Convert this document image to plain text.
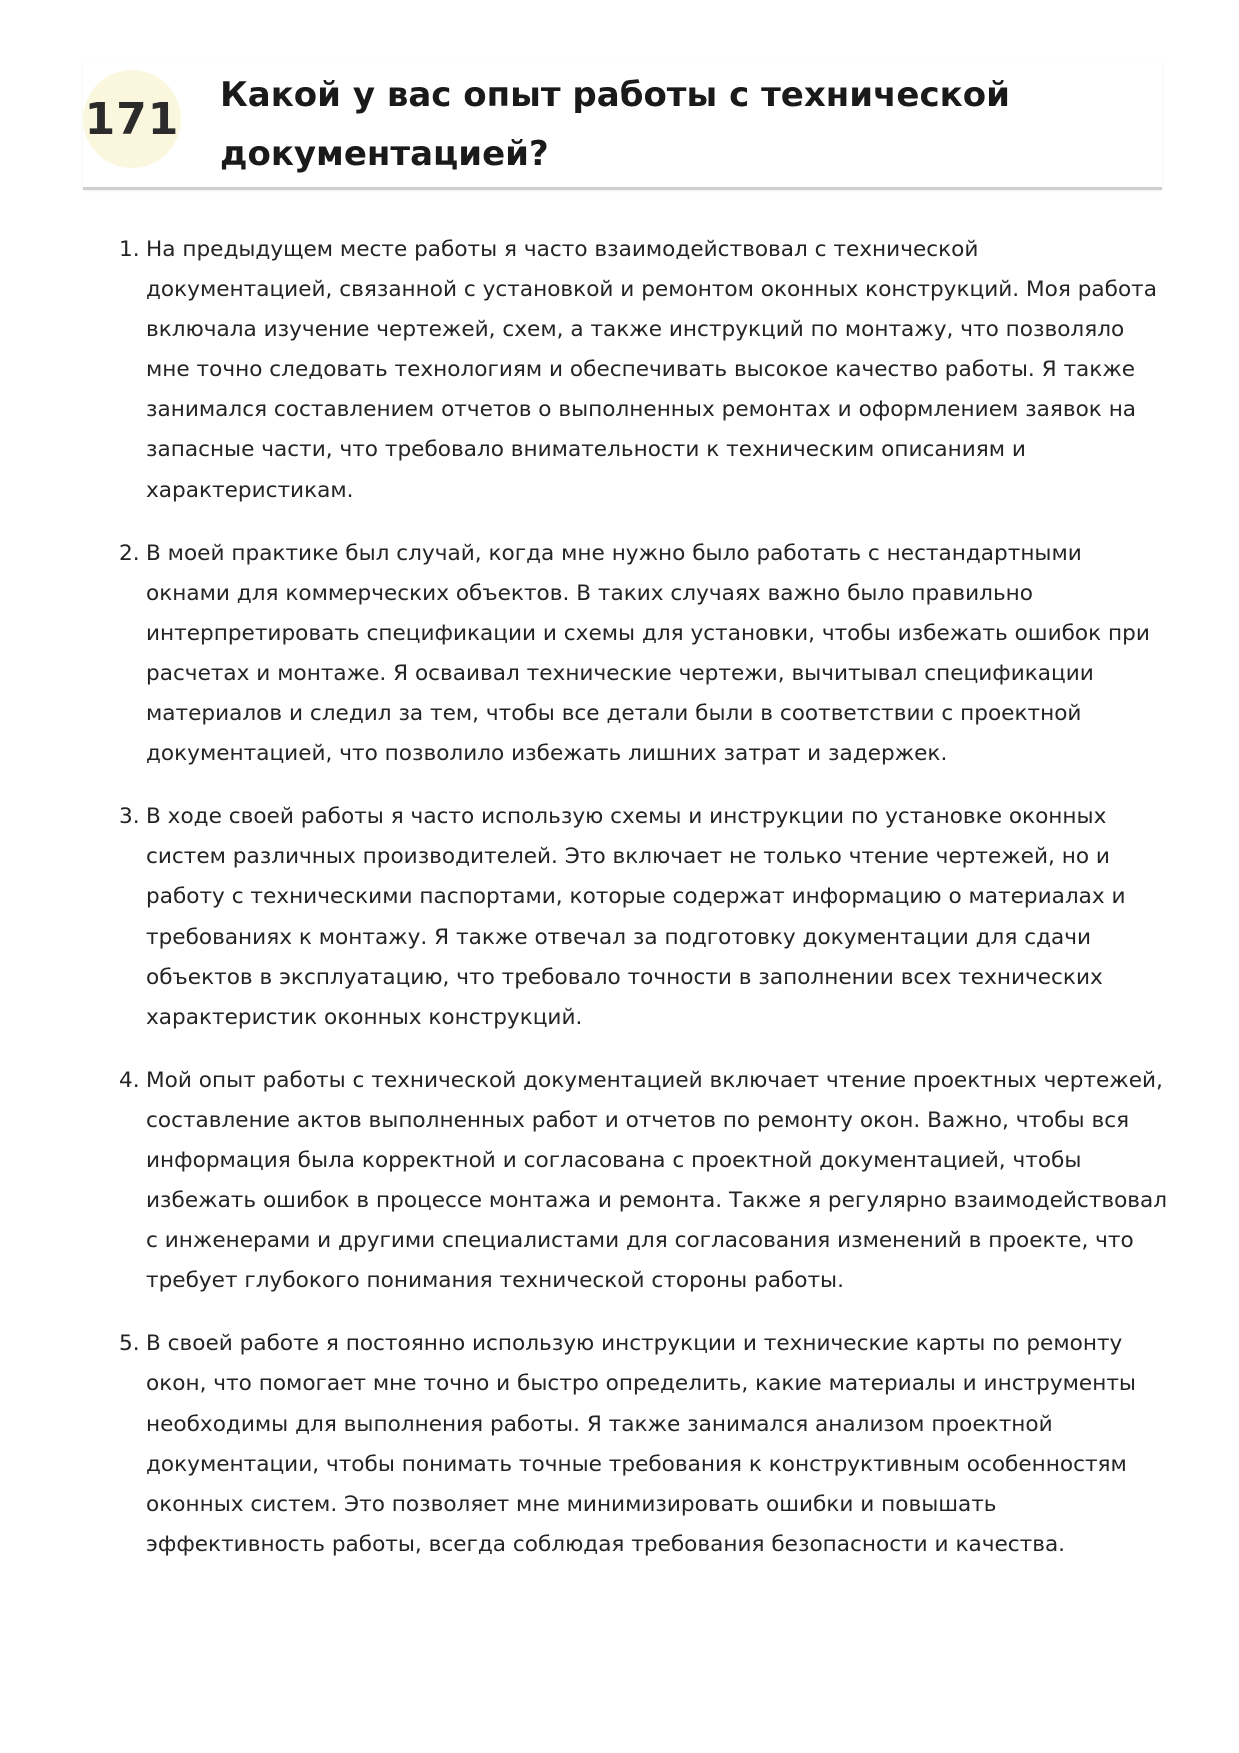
171 Какой у вас опыт работы с технической документацией?
1. На предыдущем месте работы я часто взаимодействовал с технической документацией, связанной с установкой и ремонтом оконных конструкций. Моя работа включала изучение чертежей, схем, а также инструкций по монтажу, что позволяло мне точно следовать технологиям и обеспечивать высокое качество работы. Я также занимался составлением отчетов о выполненных ремонтах и оформлением заявок на запасные части, что требовало внимательности к техническим описаниям и характеристикам.
2. В моей практике был случай, когда мне нужно было работать с нестандартными окнами для коммерческих объектов. В таких случаях важно было правильно интерпретировать спецификации и схемы для установки, чтобы избежать ошибок при расчетах и монтаже. Я осваивал технические чертежи, вычитывал спецификации материалов и следил за тем, чтобы все детали были в соответствии с проектной документацией, что позволило избежать лишних затрат и задержек.
3. В ходе своей работы я часто использую схемы и инструкции по установке оконных систем различных производителей. Это включает не только чтение чертежей, но и работу с техническими паспортами, которые содержат информацию о материалах и требованиях к монтажу. Я также отвечал за подготовку документации для сдачи объектов в эксплуатацию, что требовало точности в заполнении всех технических характеристик оконных конструкций.
4. Мой опыт работы с технической документацией включает чтение проектных чертежей, составление актов выполненных работ и отчетов по ремонту окон. Важно, чтобы вся информация была корректной и согласована с проектной документацией, чтобы избежать ошибок в процессе монтажа и ремонта. Также я регулярно взаимодействовал с инженерами и другими специалистами для согласования изменений в проекте, что требует глубокого понимания технической стороны работы.
5. В своей работе я постоянно использую инструкции и технические карты по ремонту окон, что помогает мне точно и быстро определить, какие материалы и инструменты необходимы для выполнения работы. Я также занимался анализом проектной документации, чтобы понимать точные требования к конструктивным особенностям оконных систем. Это позволяет мне минимизировать ошибки и повышать эффективность работы, всегда соблюдая требования безопасности и качества.
